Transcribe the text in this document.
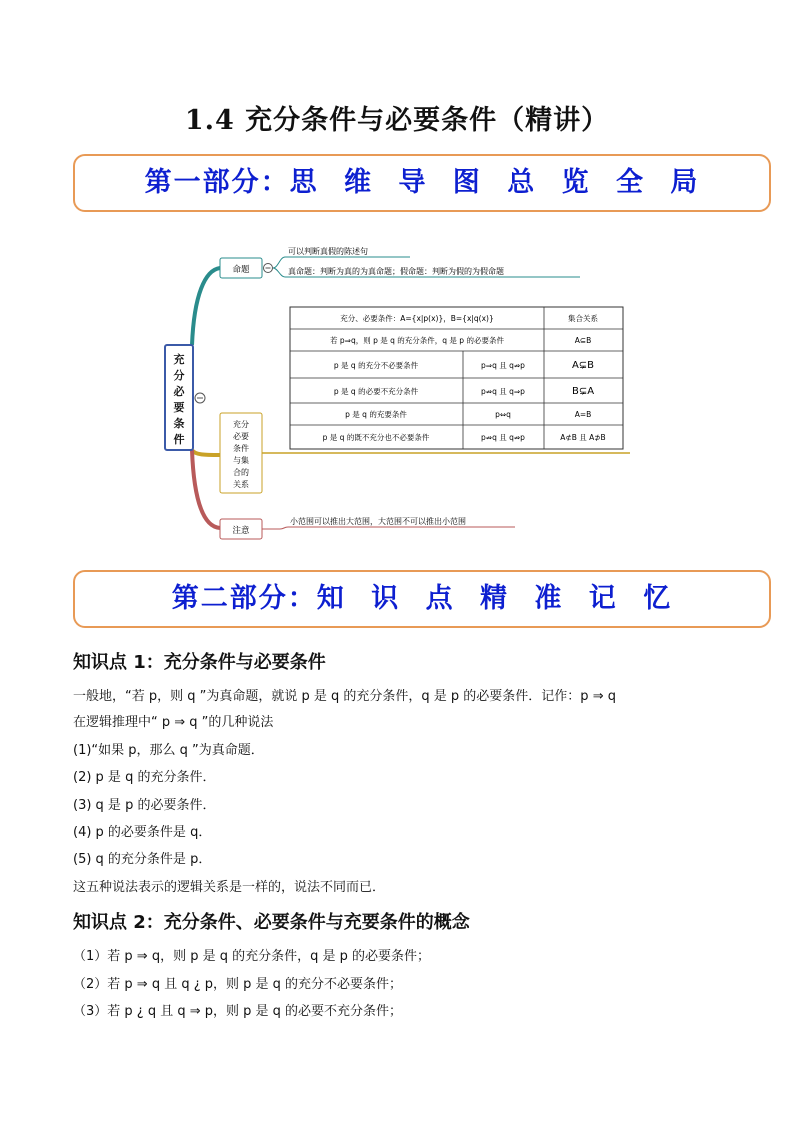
1.4 充分条件与必要条件（精讲）
第一部分：思 维 导 图 总 览 全 局
充
分
必
要
条
件
命题
可以判断真假的陈述句
真命题：判断为真的为真命题；假命题：判断为假的为假命题
充分
必要
条件
与集
合的
关系
充分、必要条件：A={x|p(x)}，B={x|q(x)}	集合关系
若 p⇒q，则 p 是 q 的充分条件，q 是 p 的必要条件	A⊆B
p 是 q 的充分不必要条件	p⇒q 且 q⇏p	A⊊B
p 是 q 的必要不充分条件	p⇏q 且 q⇒p	B⊊A
p 是 q 的充要条件	p⇔q	A=B
p 是 q 的既不充分也不必要条件	p⇏q 且 q⇏p	A⊄B 且 A⊅B
注意
小范围可以推出大范围，大范围不可以推出小范围
第二部分：知 识 点 精 准 记 忆
知识点 1：充分条件与必要条件
一般地，“若 p，则 q ”为真命题，就说 p 是 q 的充分条件，q 是 p 的必要条件．记作：p ⇒ q
在逻辑推理中“ p ⇒ q ”的几种说法
(1)“如果 p，那么 q ”为真命题．
(2) p 是 q 的充分条件．
(3) q 是 p 的必要条件．
(4) p 的必要条件是 q．
(5) q 的充分条件是 p．
这五种说法表示的逻辑关系是一样的，说法不同而已．
知识点 2：充分条件、必要条件与充要条件的概念
（1）若 p ⇒ q，则 p 是 q 的充分条件，q 是 p 的必要条件；
（2）若 p ⇒ q 且 q ¿ p，则 p 是 q 的充分不必要条件；
（3）若 p ¿ q 且 q ⇒ p，则 p 是 q 的必要不充分条件；
